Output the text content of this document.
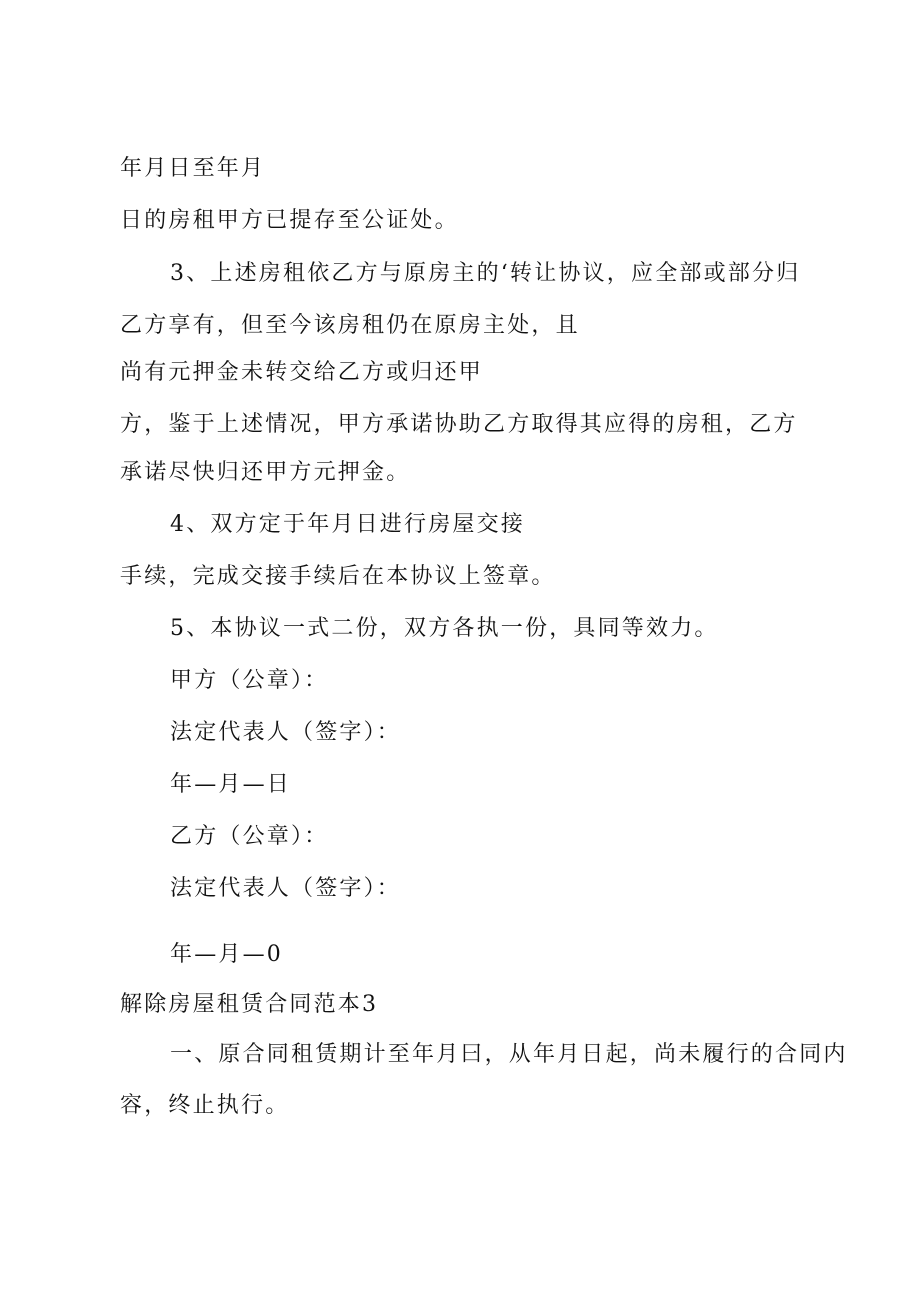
年月日至年月
日的房租甲方已提存至公证处。
3、上述房租依乙方与原房主的‘转让协议，应全部或部分归
乙方享有，但至今该房租仍在原房主处，且
尚有元押金未转交给乙方或归还甲
方，鉴于上述情况，甲方承诺协助乙方取得其应得的房租，乙方
承诺尽快归还甲方元押金。
4、双方定于年月日进行房屋交接
手续，完成交接手续后在本协议上签章。
5、本协议一式二份，双方各执一份，具同等效力。
甲方（公章）：
法定代表人（签字）：
年—月—日
乙方（公章）：
法定代表人（签字）：
年—月—0
解除房屋租赁合同范本3
一、原合同租赁期计至年月曰，从年月日起，尚未履行的合同内
容，终止执行。
